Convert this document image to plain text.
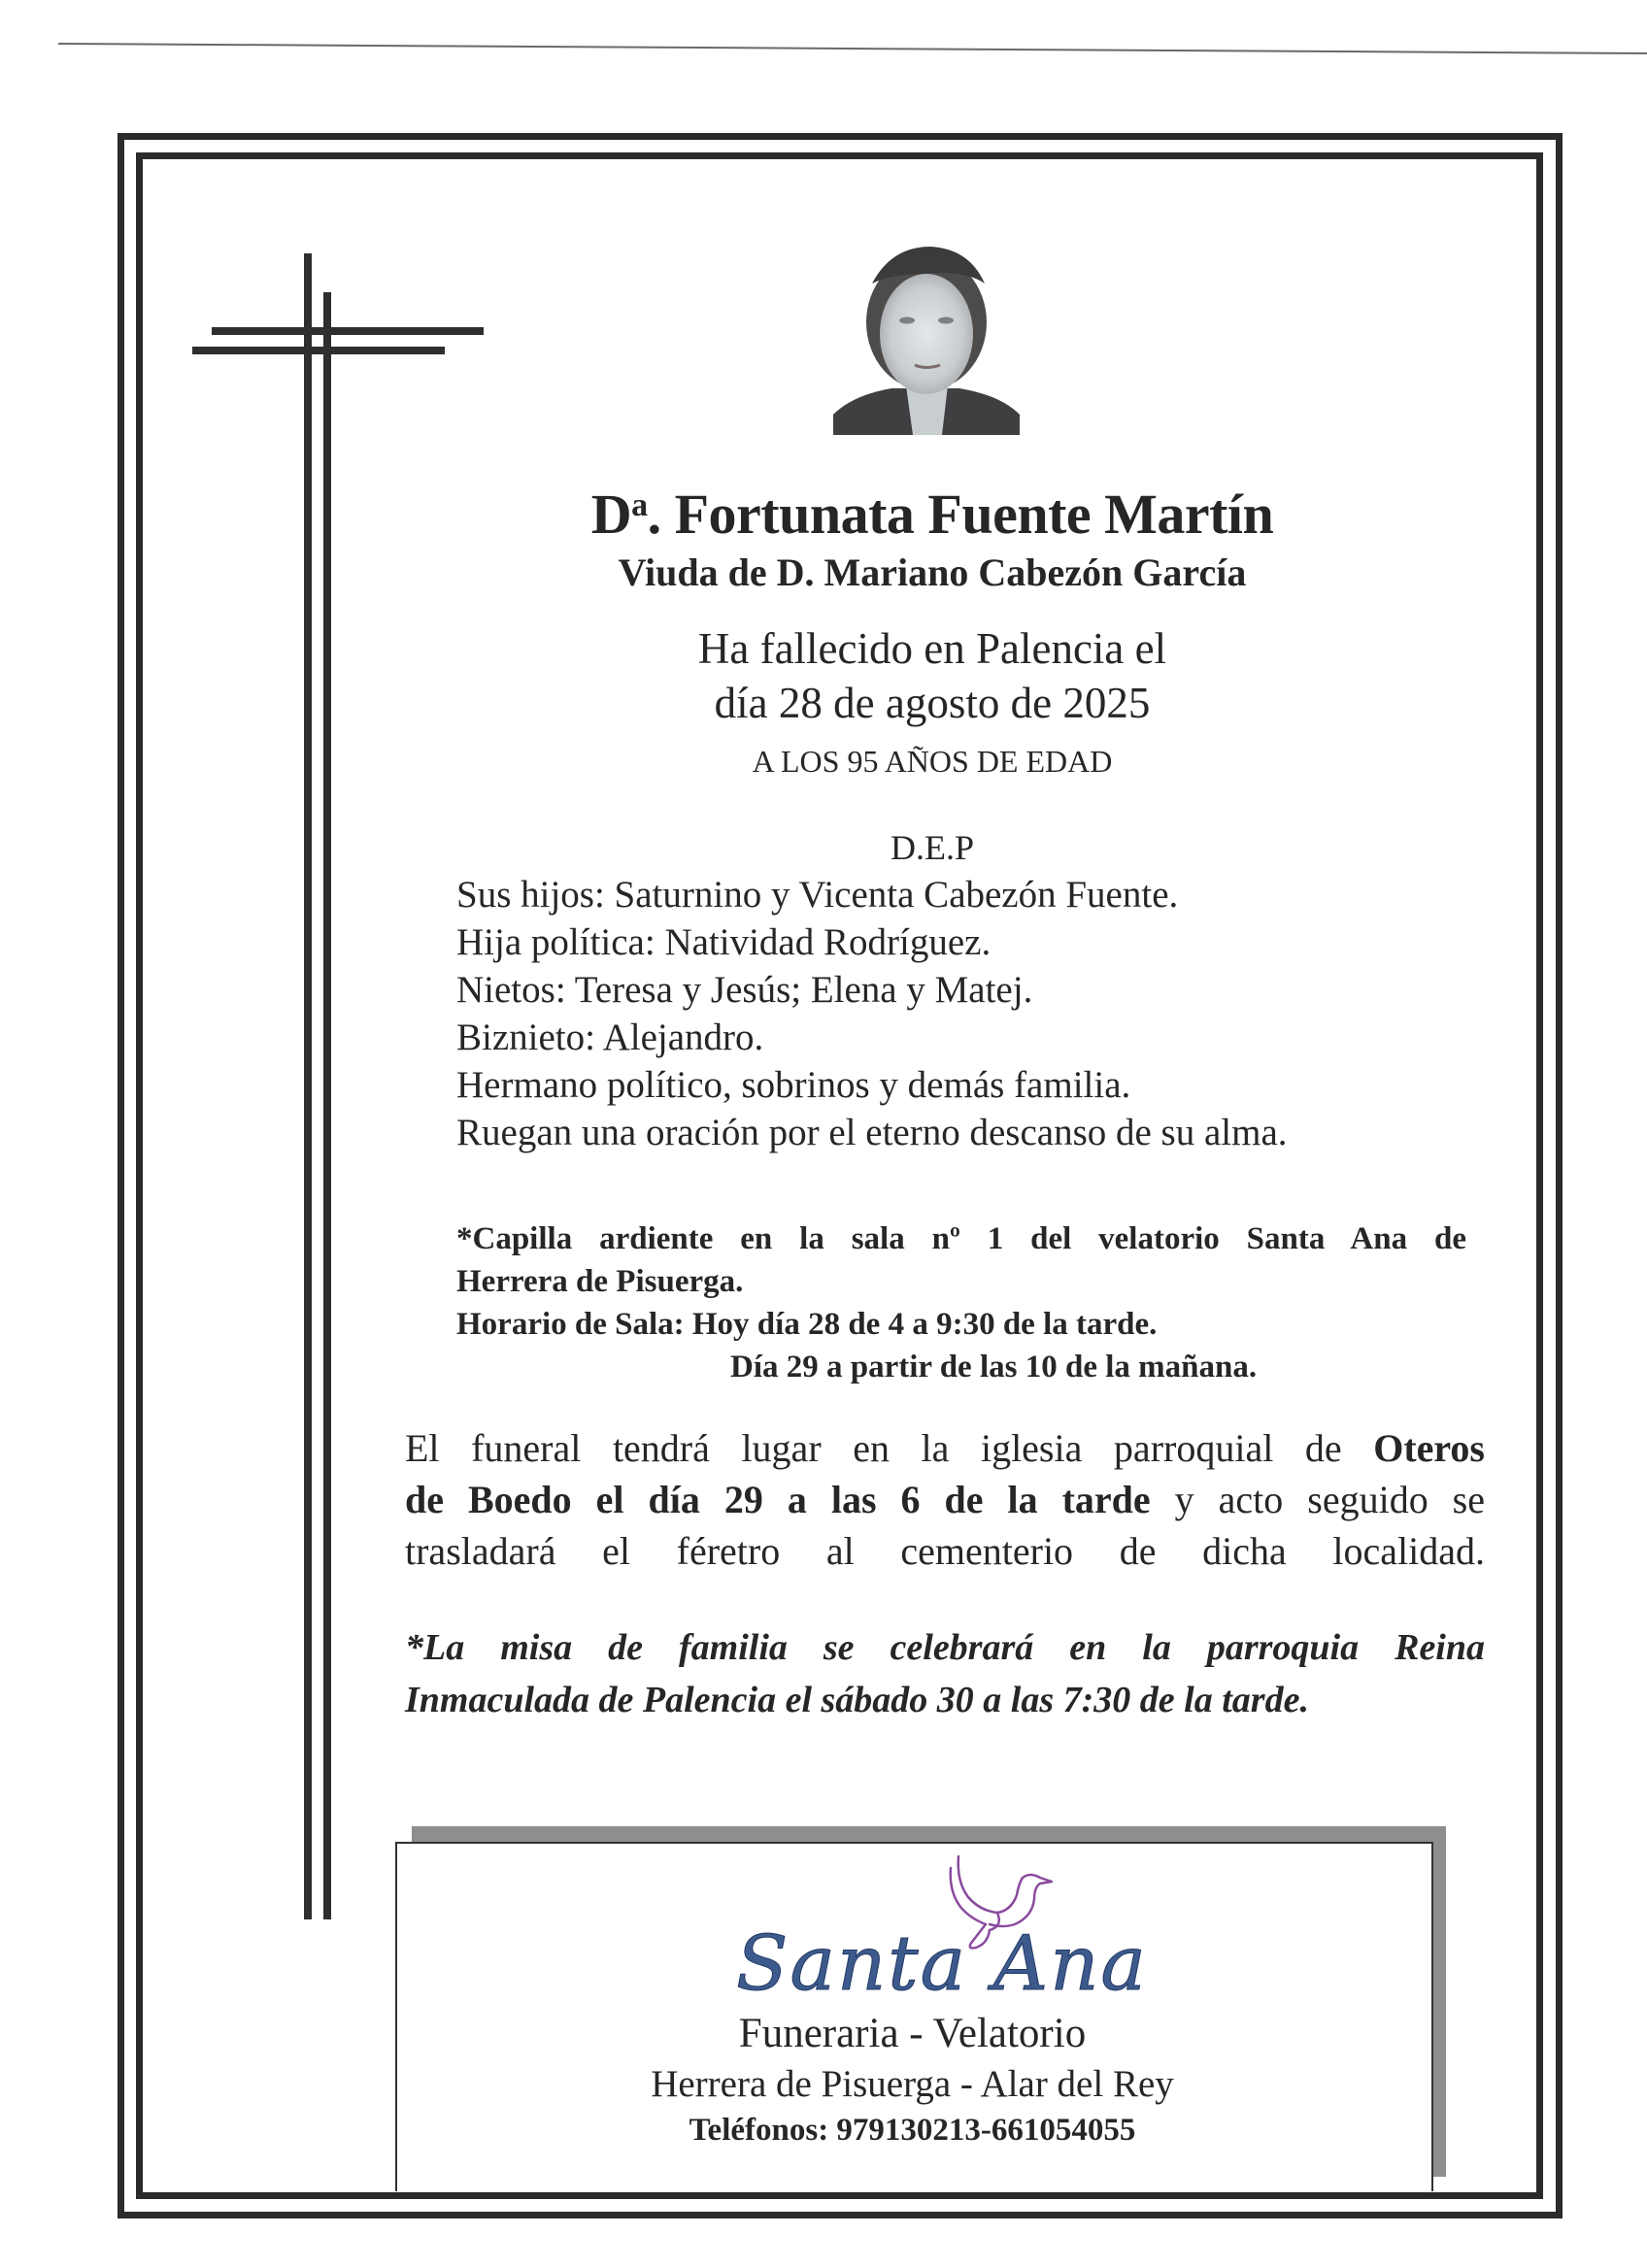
$D^a$. Fortunata Fuente Martín
Viuda de D. Mariano Cabezón García
Ha fallecido en Palencia el
día 28 de agosto de 2025
A LOS 95 AÑOS DE EDAD
D.E.P
Sus hijos: Saturnino y Vicenta Cabezón Fuente.
Hija política: Natividad Rodríguez.
Nietos: Teresa y Jesús; Elena y Matej.
Biznieto: Alejandro.
Hermano político, sobrinos y demás familia.
Ruegan una oración por el eterno descanso de su alma.
*Capilla ardiente en la sala nº 1 del velatorio Santa Ana de
Herrera de Pisuerga.
Horario de Sala: Hoy día 28 de 4 a 9:30 de la tarde.
Día 29 a partir de las 10 de la mañana.
El funeral tendrá lugar en la iglesia parroquial de Oteros
de Boedo el día 29 a las 6 de la tarde y acto seguido se
trasladará el féretro al cementerio de dicha localidad.
*La misa de familia se celebrará en la parroquia Reina
Inmaculada de Palencia el sábado 30 a las 7:30 de la tarde.
Santa Ana
Funeraria - Velatorio
Herrera de Pisuerga - Alar del Rey
Teléfonos: 979130213-661054055
